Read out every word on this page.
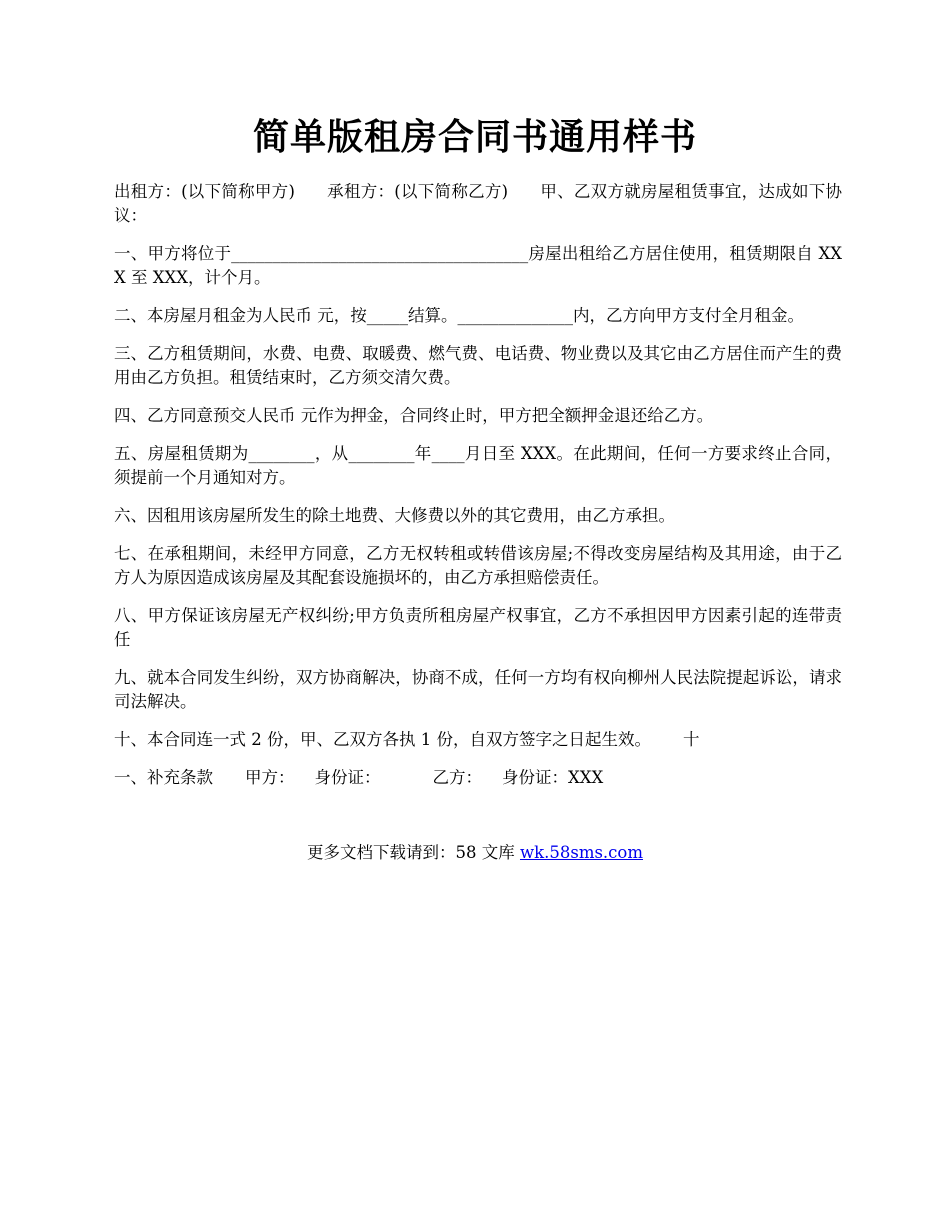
简单版租房合同书通用样书

出租方：(以下简称甲方) 承租方：(以下简称乙方) 甲、乙双方就房屋租赁事宜，达成如下协议：

一、甲方将位于____________________________________房屋出租给乙方居住使用，租赁期限自 XXX 至 XXX，计个月。

二、本房屋月租金为人民币 元，按_____结算。______________内，乙方向甲方支付全月租金。

三、乙方租赁期间，水费、电费、取暖费、燃气费、电话费、物业费以及其它由乙方居住而产生的费用由乙方负担。租赁结束时，乙方须交清欠费。

四、乙方同意预交人民币 元作为押金，合同终止时，甲方把全额押金退还给乙方。

五、房屋租赁期为________，从________年____月日至 XXX。在此期间，任何一方要求终止合同，须提前一个月通知对方。

六、因租用该房屋所发生的除土地费、大修费以外的其它费用，由乙方承担。

七、在承租期间，未经甲方同意，乙方无权转租或转借该房屋;不得改变房屋结构及其用途，由于乙方人为原因造成该房屋及其配套设施损坏的，由乙方承担赔偿责任。

八、甲方保证该房屋无产权纠纷;甲方负责所租房屋产权事宜，乙方不承担因甲方因素引起的连带责任

九、就本合同发生纠纷，双方协商解决，协商不成，任何一方均有权向柳州人民法院提起诉讼，请求司法解决。

十、本合同连一式 2 份，甲、乙双方各执 1 份，自双方签字之日起生效。 十

一、补充条款 甲方： 身份证：	乙方： 身份证：XXX

更多文档下载请到：58 文库 wk.58sms.com
